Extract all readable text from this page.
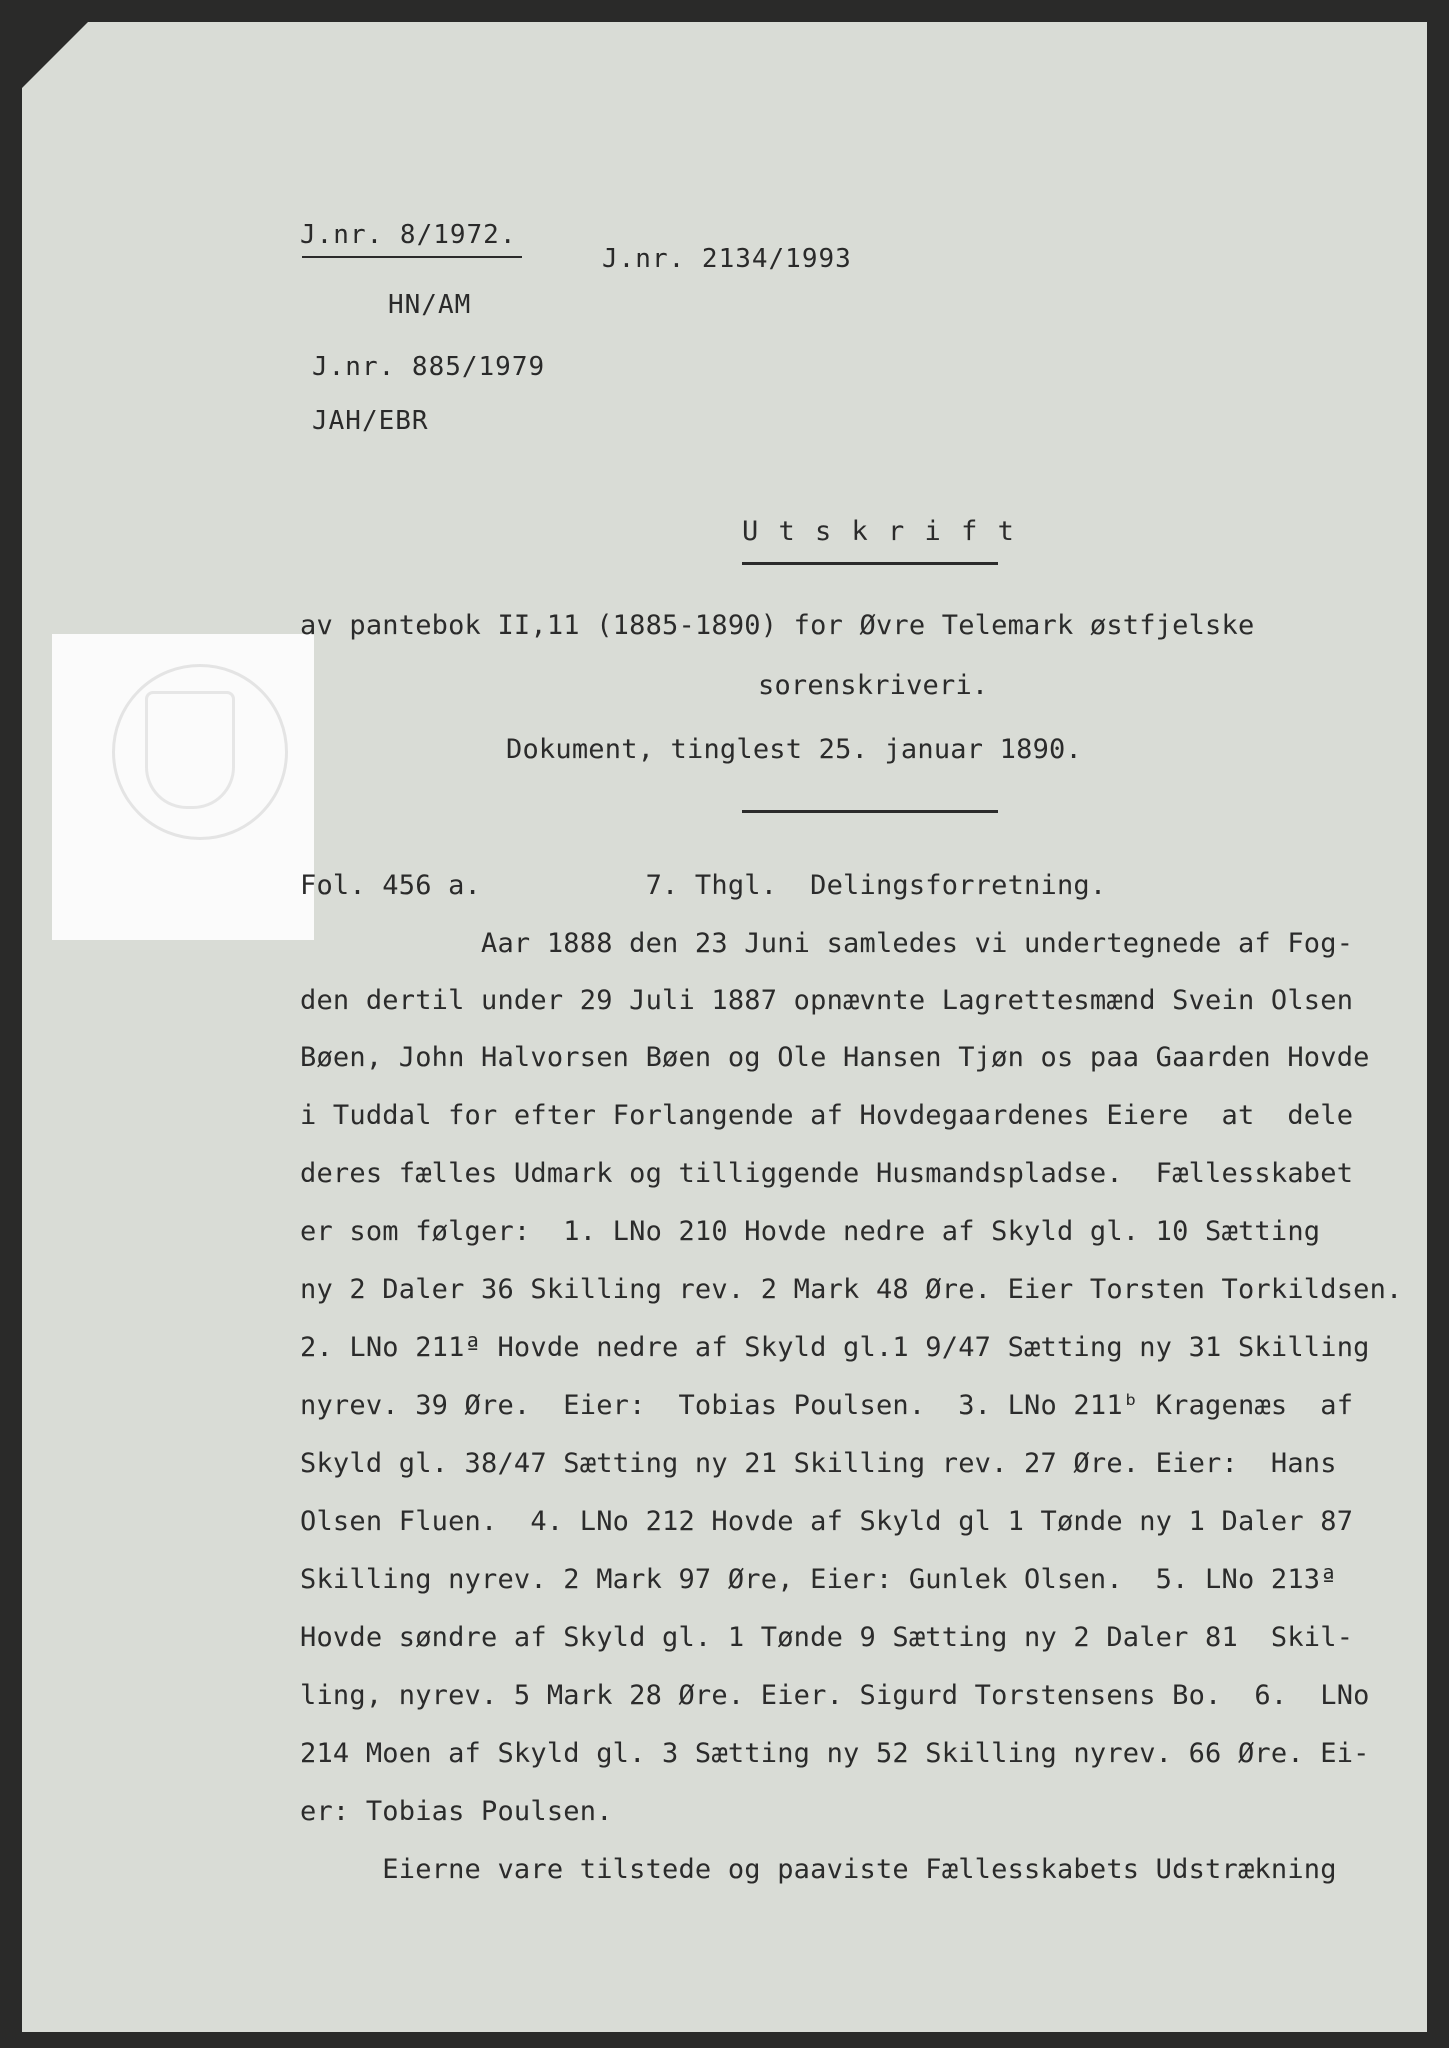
J.nr. 8/1972.
J.nr. 2134/1993
HN/AM
J.nr. 885/1979
JAH/EBR
U t s k r i f t
av pantebok II,11 (1885-1890) for Øvre Telemark østfjelske
sorenskriveri.
Dokument, tinglest 25. januar 1890.
Fol. 456 a.          7. Thgl.  Delingsforretning.
Aar 1888 den 23 Juni samledes vi undertegnede af Fog-
den dertil under 29 Juli 1887 opnævnte Lagrettesmænd Svein Olsen
Bøen, John Halvorsen Bøen og Ole Hansen Tjøn os paa Gaarden Hovde
i Tuddal for efter Forlangende af Hovdegaardenes Eiere  at  dele
deres fælles Udmark og tilliggende Husmandspladse.  Fællesskabet
er som følger:  1. LNo 210 Hovde nedre af Skyld gl. 10 Sætting
ny 2 Daler 36 Skilling rev. 2 Mark 48 Øre. Eier Torsten Torkildsen.
2. LNo 211ª Hovde nedre af Skyld gl.1 9/47 Sætting ny 31 Skilling
nyrev. 39 Øre.  Eier:  Tobias Poulsen.  3. LNo 211ᵇ Kragenæs  af
Skyld gl. 38/47 Sætting ny 21 Skilling rev. 27 Øre. Eier:  Hans
Olsen Fluen.  4. LNo 212 Hovde af Skyld gl 1 Tønde ny 1 Daler 87
Skilling nyrev. 2 Mark 97 Øre, Eier: Gunlek Olsen.  5. LNo 213ª
Hovde søndre af Skyld gl. 1 Tønde 9 Sætting ny 2 Daler 81  Skil-
ling, nyrev. 5 Mark 28 Øre. Eier. Sigurd Torstensens Bo.  6.  LNo
214 Moen af Skyld gl. 3 Sætting ny 52 Skilling nyrev. 66 Øre. Ei-
er: Tobias Poulsen.
Eierne vare tilstede og paaviste Fællesskabets Udstrækning
